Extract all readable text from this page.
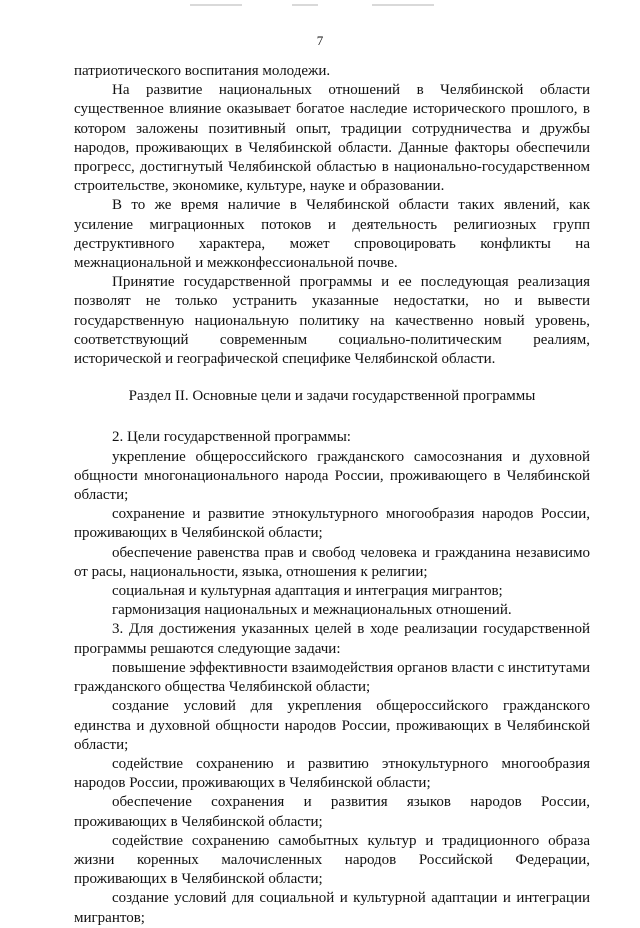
7

патриотического воспитания молодежи.

На развитие национальных отношений в Челябинской области существенное влияние оказывает богатое наследие исторического прошлого, в котором заложены позитивный опыт, традиции сотрудничества и дружбы народов, проживающих в Челябинской области. Данные факторы обеспечили прогресс, достигнутый Челябинской областью в национально-государственном строительстве, экономике, культуре, науке и образовании.

В то же время наличие в Челябинской области таких явлений, как усиление миграционных потоков и деятельность религиозных групп деструктивного характера, может спровоцировать конфликты на межнациональной и межконфессиональной почве.

Принятие государственной программы и ее последующая реализация позволят не только устранить указанные недостатки, но и вывести государственную национальную политику на качественно новый уровень, соответствующий современным социально-политическим реалиям, исторической и географической специфике Челябинской области.

Раздел II. Основные цели и задачи государственной программы

2. Цели государственной программы:

укрепление общероссийского гражданского самосознания и духовной общности многонационального народа России, проживающего в Челябинской области;

сохранение и развитие этнокультурного многообразия народов России, проживающих в Челябинской области;

обеспечение равенства прав и свобод человека и гражданина независимо от расы, национальности, языка, отношения к религии;

социальная и культурная адаптация и интеграция мигрантов;

гармонизация национальных и межнациональных отношений.

3. Для достижения указанных целей в ходе реализации государственной программы решаются следующие задачи:

повышение эффективности взаимодействия органов власти с институтами гражданского общества Челябинской области;

создание условий для укрепления общероссийского гражданского единства и духовной общности народов России, проживающих в Челябинской области;

содействие сохранению и развитию этнокультурного многообразия народов России, проживающих в Челябинской области;

обеспечение сохранения и развития языков народов России, проживающих в Челябинской области;

содействие сохранению самобытных культур и традиционного образа жизни коренных малочисленных народов Российской Федерации, проживающих в Челябинской области;

создание условий для социальной и культурной адаптации и интеграции мигрантов;
